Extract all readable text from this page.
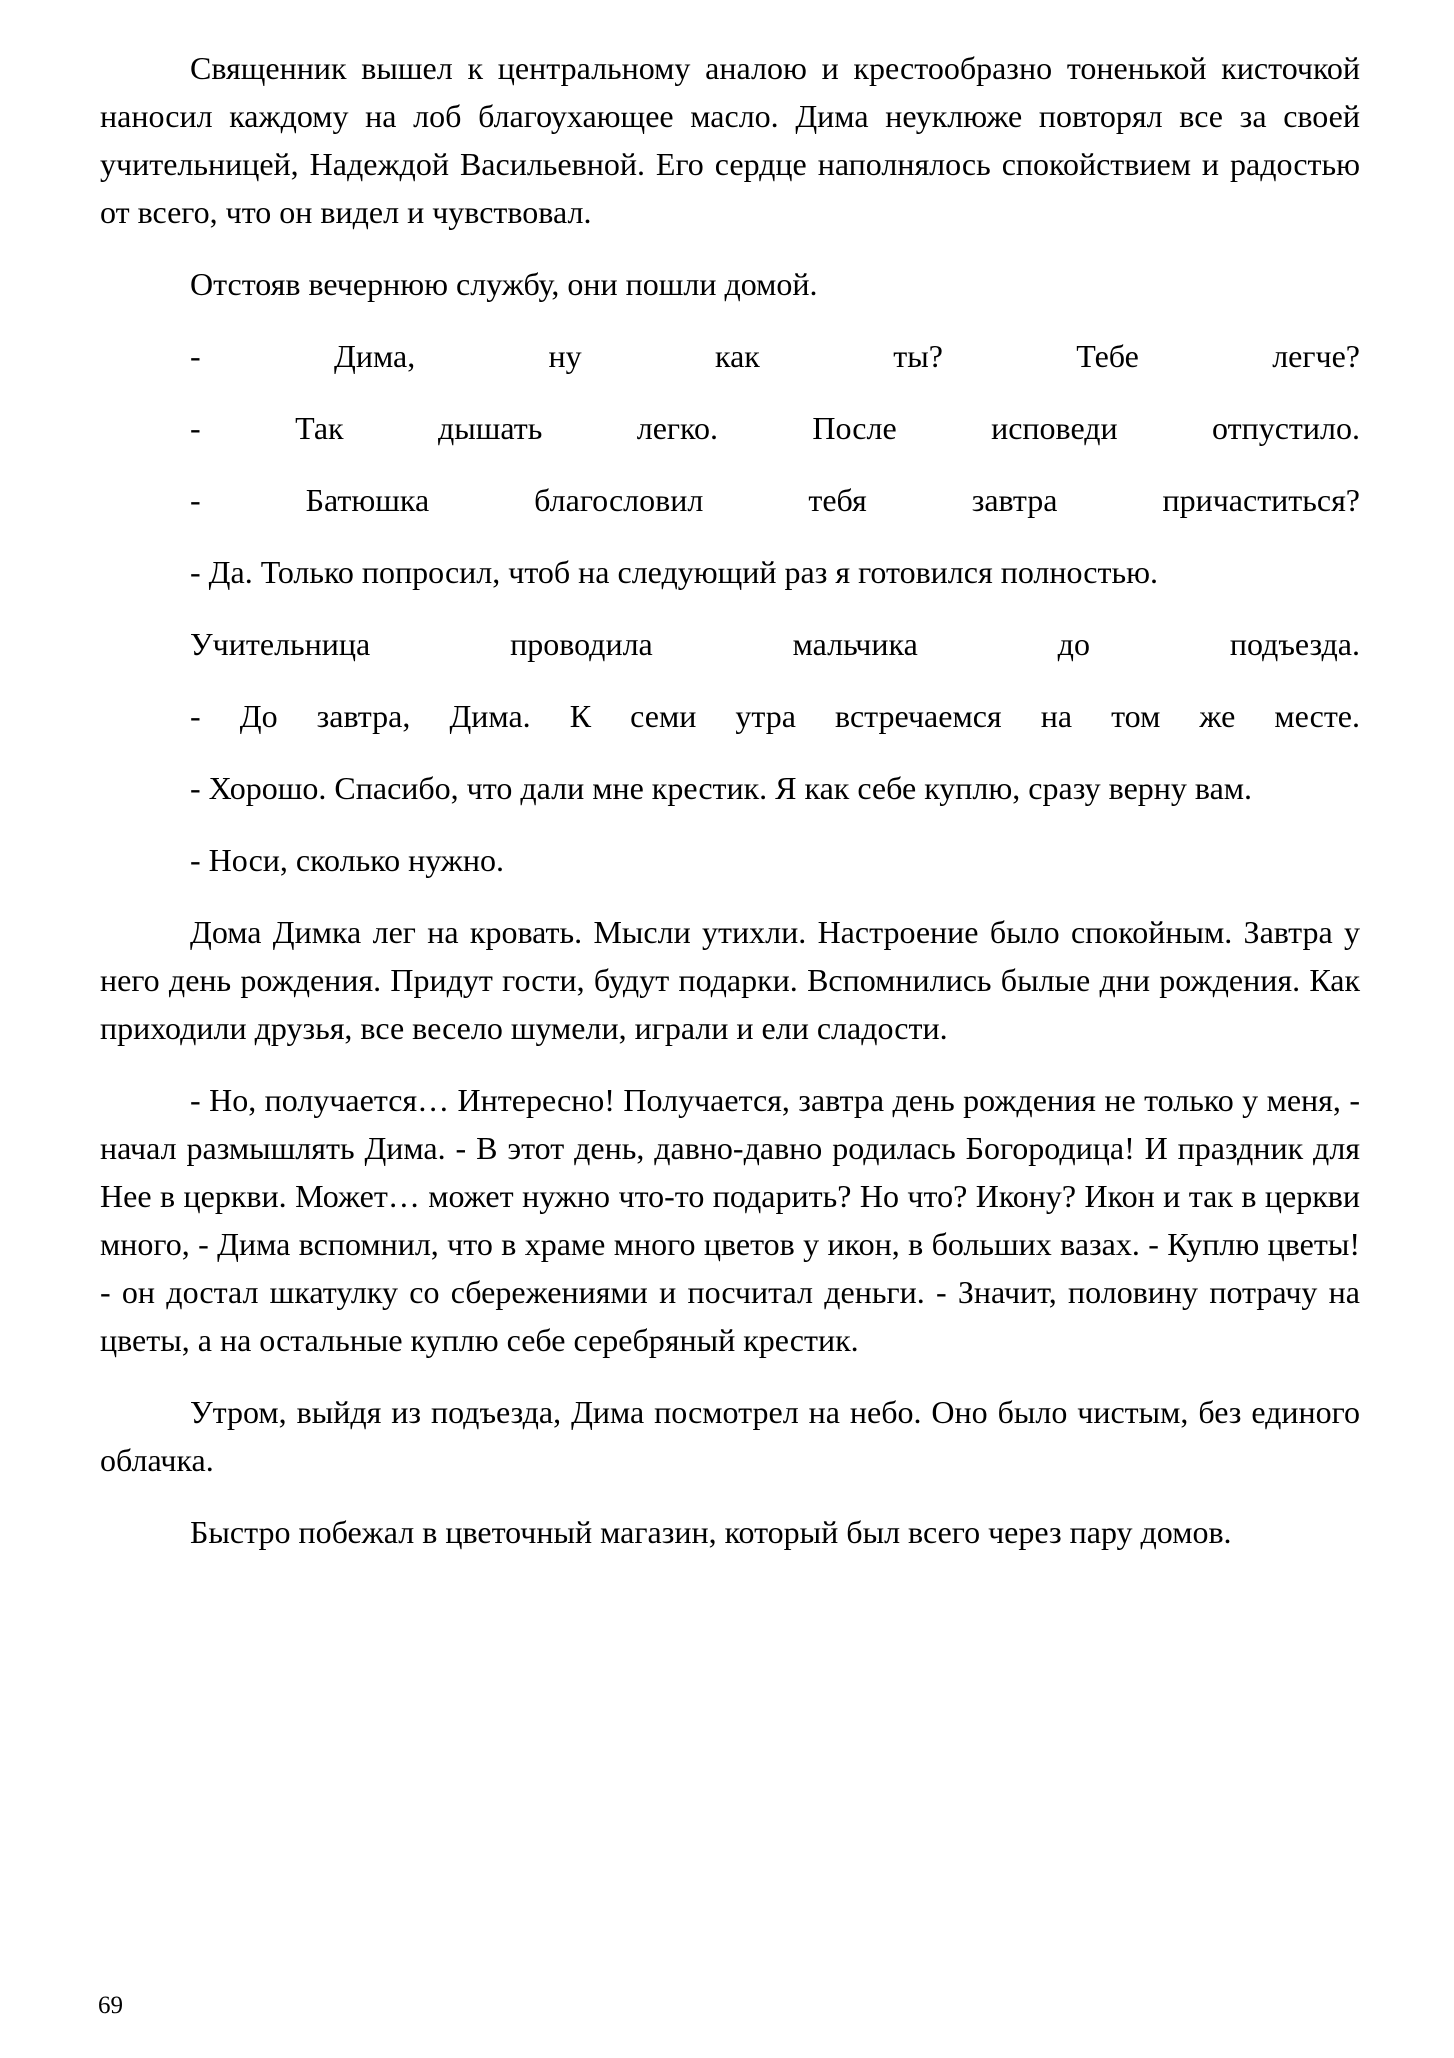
Священник вышел к центральному аналою и крестообразно тоненькой кисточкой наносил каждому на лоб благоухающее масло. Дима неуклюже повторял все за своей учительницей, Надеждой Васильевной. Его сердце наполнялось спокойствием и радостью от всего, что он видел и чувствовал.

Отстояв вечернюю службу, они пошли домой.

- Дима, ну как ты? Тебе легче?

- Так дышать легко. После исповеди отпустило.

- Батюшка благословил тебя завтра причаститься?

- Да. Только попросил, чтоб на следующий раз я готовился полностью.

Учительница проводила мальчика до подъезда.

- До завтра, Дима. К семи утра встречаемся на том же месте.

- Хорошо. Спасибо, что дали мне крестик. Я как себе куплю, сразу верну вам.

- Носи, сколько нужно.

Дома Димка лег на кровать. Мысли утихли. Настроение было спокойным. Завтра у него день рождения. Придут гости, будут подарки. Вспомнились былые дни рождения. Как приходили друзья, все весело шумели, играли и ели сладости.

- Но, получается… Интересно! Получается, завтра день рождения не только у меня, - начал размышлять Дима. - В этот день, давно-давно родилась Богородица! И праздник для Нее в церкви. Может… может нужно что-то подарить? Но что? Икону? Икон и так в церкви много, - Дима вспомнил, что в храме много цветов у икон, в больших вазах. - Куплю цветы! - он достал шкатулку со сбережениями и посчитал деньги. - Значит, половину потрачу на цветы, а на остальные куплю себе серебряный крестик.

Утром, выйдя из подъезда, Дима посмотрел на небо. Оно было чистым, без единого облачка.

Быстро побежал в цветочный магазин, который был всего через пару домов.

69
